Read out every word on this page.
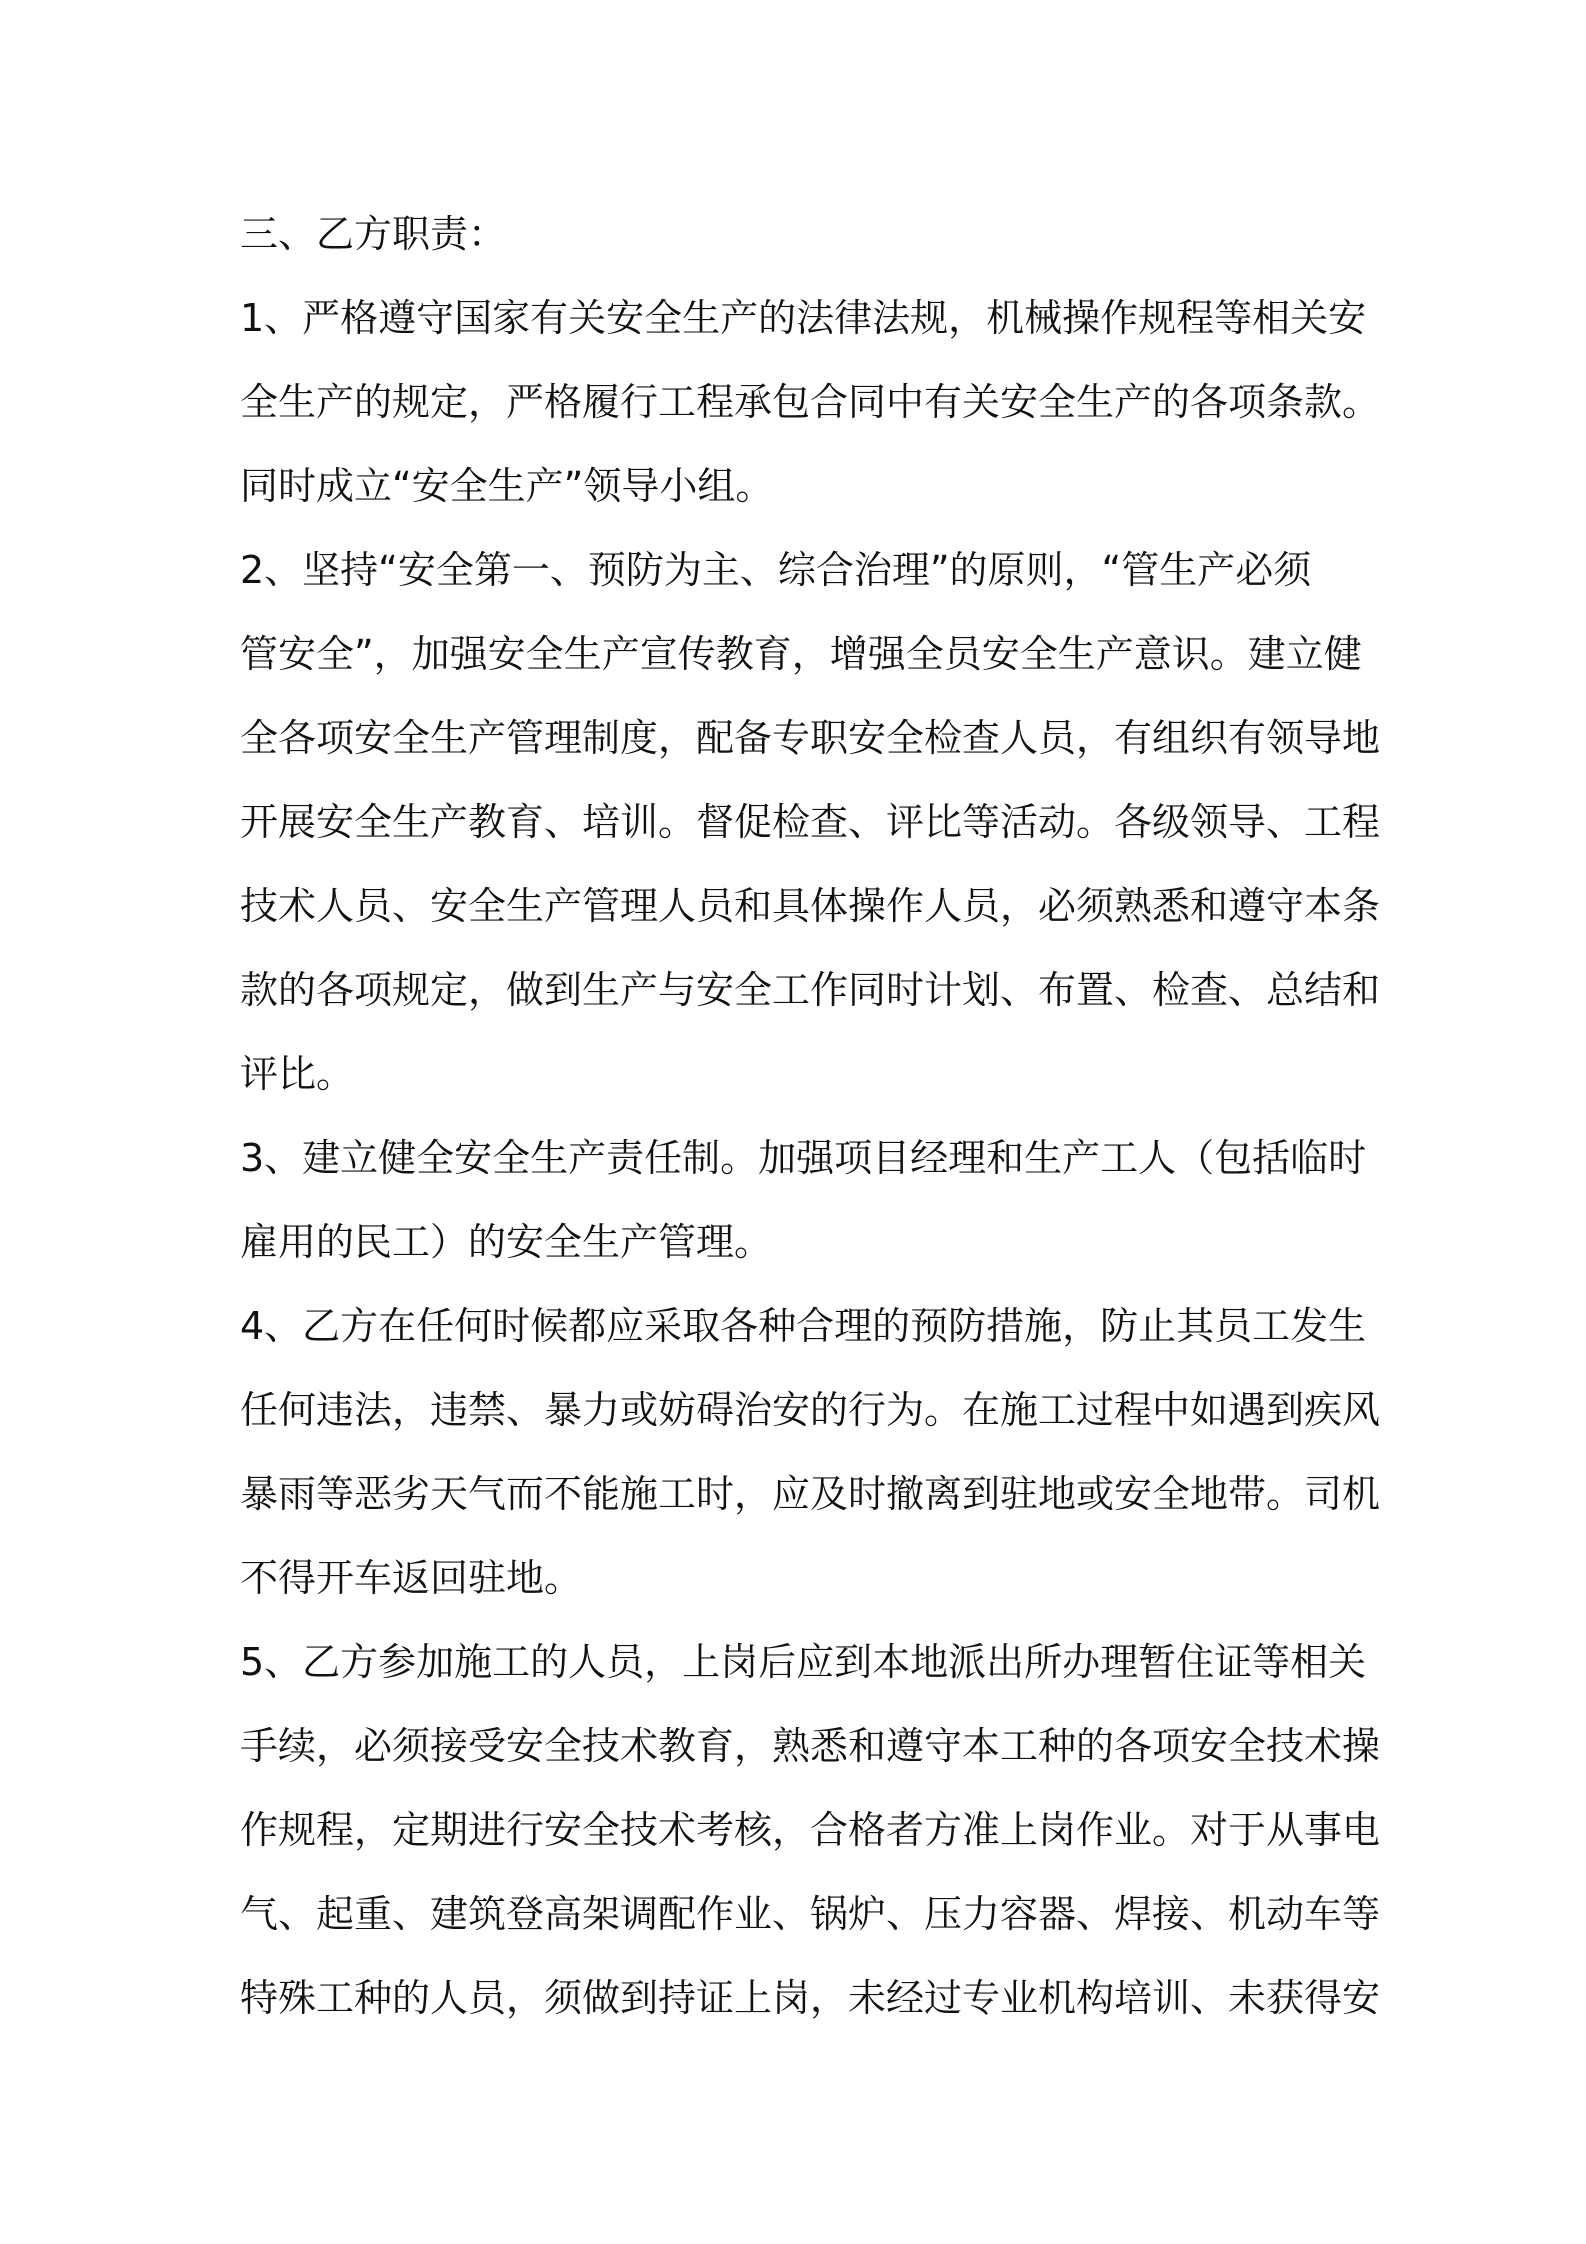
三、乙方职责：
1、严格遵守国家有关安全生产的法律法规，机械操作规程等相关安
全生产的规定，严格履行工程承包合同中有关安全生产的各项条款。
同时成立“安全生产”领导小组。
2、坚持“安全第一、预防为主、综合治理”的原则，“管生产必须
管安全”，加强安全生产宣传教育，增强全员安全生产意识。建立健
全各项安全生产管理制度，配备专职安全检查人员，有组织有领导地
开展安全生产教育、培训。督促检查、评比等活动。各级领导、工程
技术人员、安全生产管理人员和具体操作人员，必须熟悉和遵守本条
款的各项规定，做到生产与安全工作同时计划、布置、检查、总结和
评比。
3、建立健全安全生产责任制。加强项目经理和生产工人（包括临时
雇用的民工）的安全生产管理。
4、乙方在任何时候都应采取各种合理的预防措施，防止其员工发生
任何违法，违禁、暴力或妨碍治安的行为。在施工过程中如遇到疾风
暴雨等恶劣天气而不能施工时，应及时撤离到驻地或安全地带。司机
不得开车返回驻地。
5、乙方参加施工的人员，上岗后应到本地派出所办理暂住证等相关
手续，必须接受安全技术教育，熟悉和遵守本工种的各项安全技术操
作规程，定期进行安全技术考核，合格者方准上岗作业。对于从事电
气、起重、建筑登高架调配作业、锅炉、压力容器、焊接、机动车等
特殊工种的人员，须做到持证上岗，未经过专业机构培训、未获得安
